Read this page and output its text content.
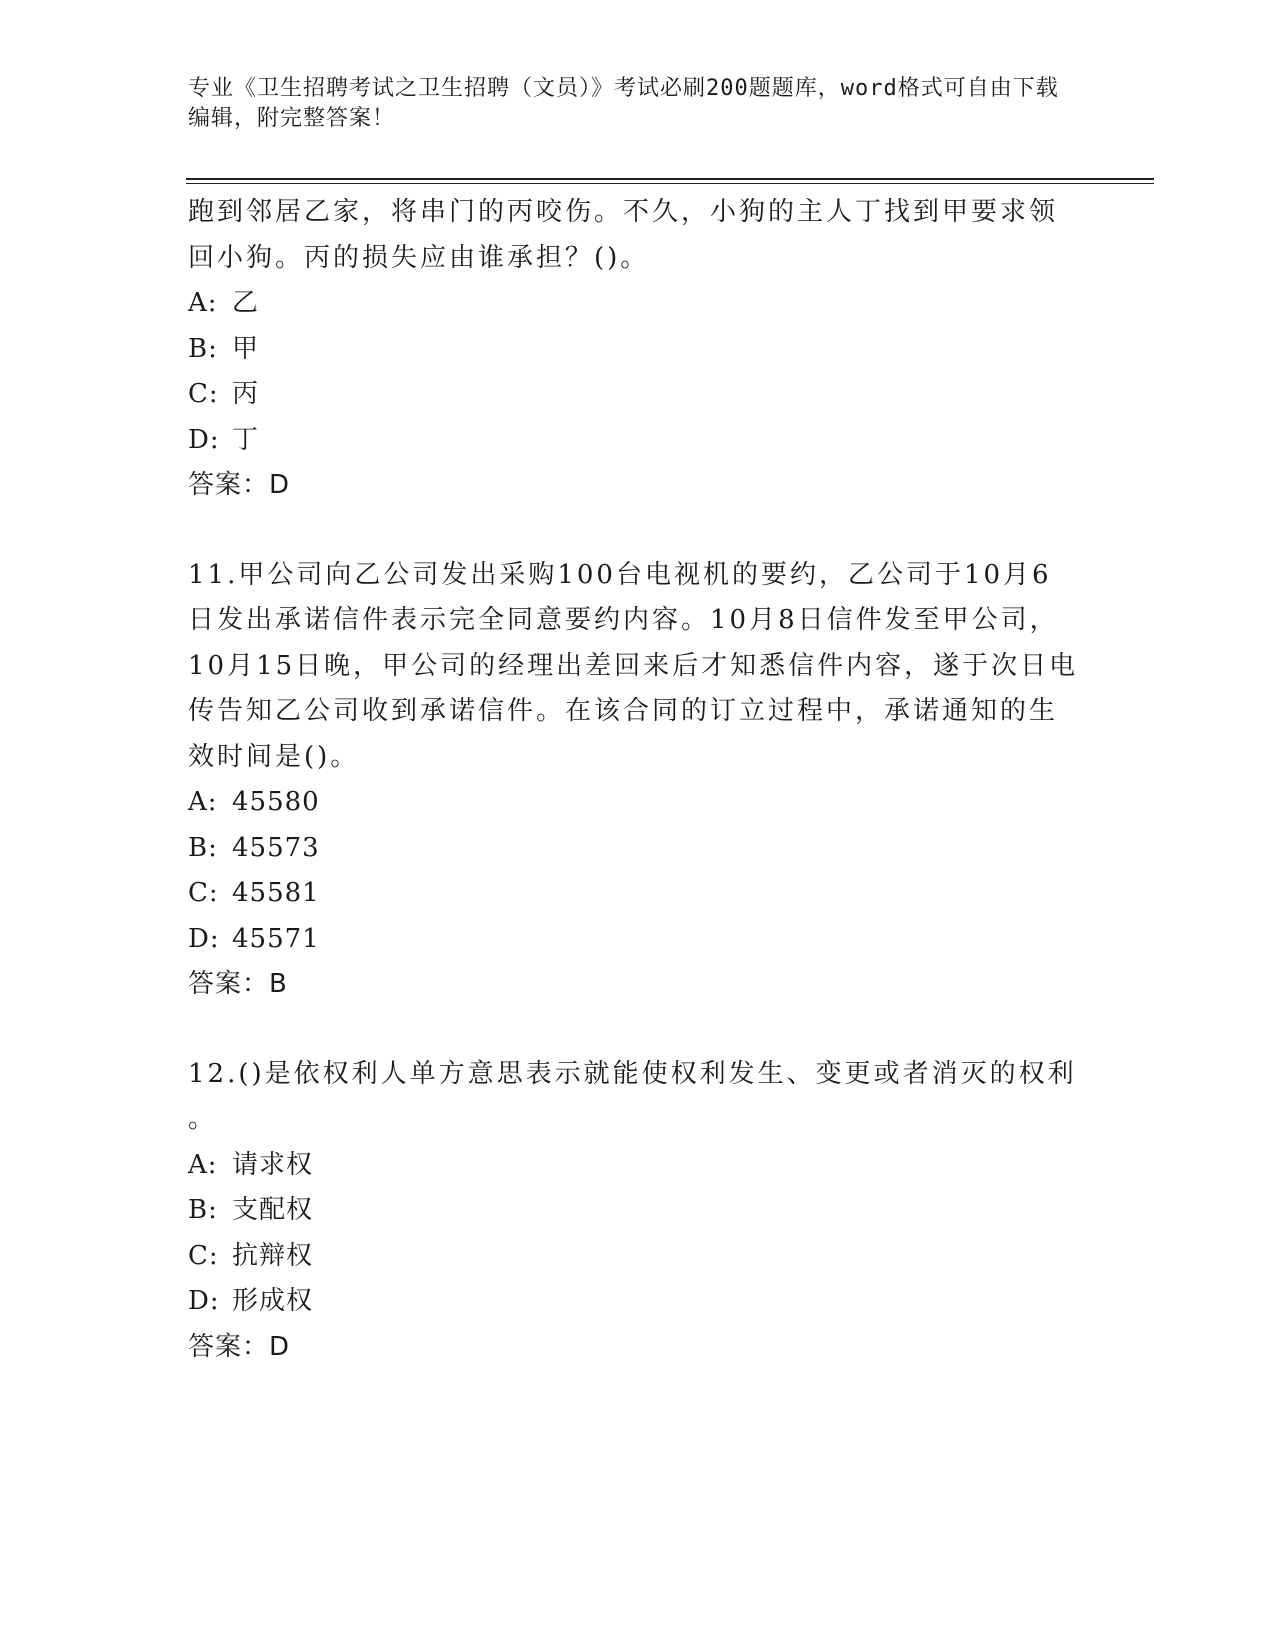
专业《卫生招聘考试之卫生招聘（文员）》考试必刷200题题库，word格式可自由下载编辑，附完整答案！
跑到邻居乙家，将串门的丙咬伤。不久，小狗的主人丁找到甲要求领
回小狗。丙的损失应由谁承担？()。
A: 乙
B: 甲
C: 丙
D: 丁
答案：D
11.甲公司向乙公司发出采购100台电视机的要约，乙公司于10月6
日发出承诺信件表示完全同意要约内容。10月8日信件发至甲公司，
10月15日晚，甲公司的经理出差回来后才知悉信件内容，遂于次日电
传告知乙公司收到承诺信件。在该合同的订立过程中，承诺通知的生
效时间是()。
A: 45580
B: 45573
C: 45581
D: 45571
答案：B
12.()是依权利人单方意思表示就能使权利发生、变更或者消灭的权利
。
A: 请求权
B: 支配权
C: 抗辩权
D: 形成权
答案：D
